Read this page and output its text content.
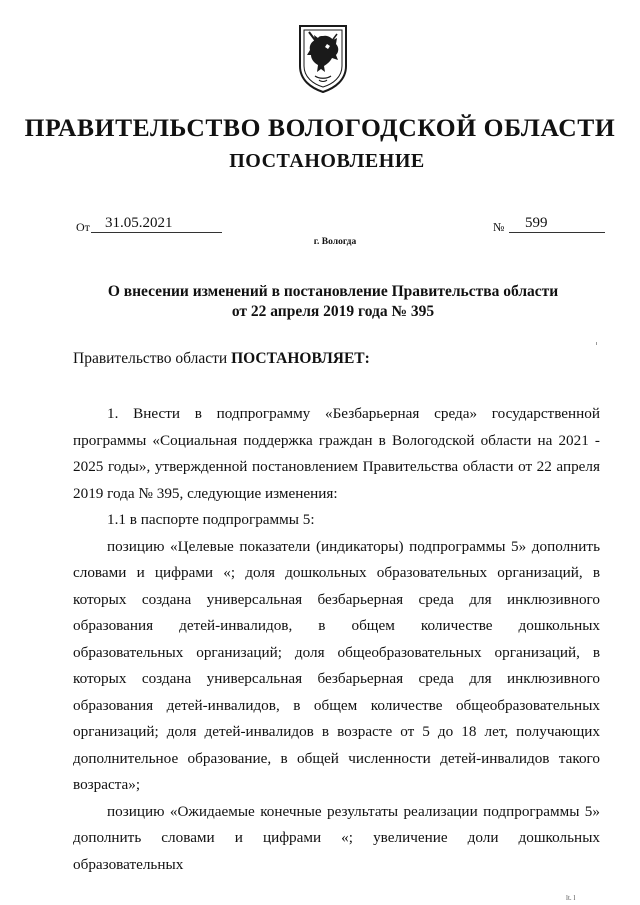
ПРАВИТЕЛЬСТВО ВОЛОГОДСКОЙ ОБЛАСТИ
ПОСТАНОВЛЕНИЕ
От	31.05.2021	№	599
г. Вологда
О внесении изменений в постановление Правительства области
от 22 апреля 2019 года № 395
Правительство области ПОСТАНОВЛЯЕТ:

1. Внести в подпрограмму «Безбарьерная среда» государственной программы «Социальная поддержка граждан в Вологодской области на 2021 - 2025 годы», утвержденной постановлением Правительства области от 22 апреля 2019 года № 395, следующие изменения:

1.1 в паспорте подпрограммы 5:

позицию «Целевые показатели (индикаторы) подпрограммы 5» дополнить словами и цифрами «; доля дошкольных образовательных организаций, в которых создана универсальная безбарьерная среда для инклюзивного образования детей-инвалидов, в общем количестве дошкольных образовательных организаций; доля общеобразовательных организаций, в которых создана универсальная безбарьерная среда для инклюзивного образования детей-инвалидов, в общем количестве общеобразовательных организаций; доля детей-инвалидов в возрасте от 5 до 18 лет, получающих дополнительное образование, в общей численности детей-инвалидов такого возраста»;

позицию «Ожидаемые конечные результаты реализации подпрограммы 5» дополнить словами и цифрами «; увеличение доли дошкольных образовательных

lt. l
